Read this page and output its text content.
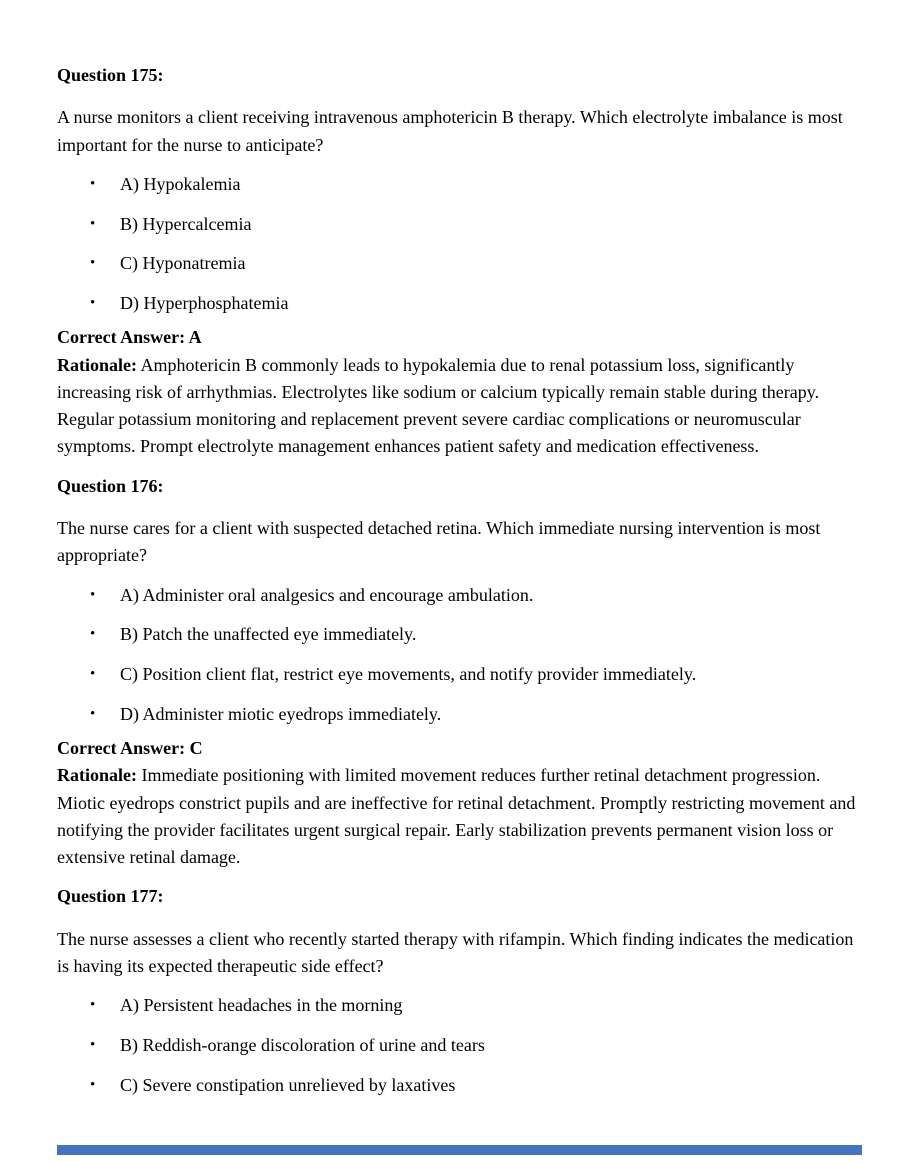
Question 175:

A nurse monitors a client receiving intravenous amphotericin B therapy. Which electrolyte imbalance is most important for the nurse to anticipate?

• A) Hypokalemia
• B) Hypercalcemia
• C) Hyponatremia
• D) Hyperphosphatemia

Correct Answer: A
Rationale: Amphotericin B commonly leads to hypokalemia due to renal potassium loss, significantly increasing risk of arrhythmias. Electrolytes like sodium or calcium typically remain stable during therapy. Regular potassium monitoring and replacement prevent severe cardiac complications or neuromuscular symptoms. Prompt electrolyte management enhances patient safety and medication effectiveness.

Question 176:

The nurse cares for a client with suspected detached retina. Which immediate nursing intervention is most appropriate?

• A) Administer oral analgesics and encourage ambulation.
• B) Patch the unaffected eye immediately.
• C) Position client flat, restrict eye movements, and notify provider immediately.
• D) Administer miotic eyedrops immediately.

Correct Answer: C
Rationale: Immediate positioning with limited movement reduces further retinal detachment progression. Miotic eyedrops constrict pupils and are ineffective for retinal detachment. Promptly restricting movement and notifying the provider facilitates urgent surgical repair. Early stabilization prevents permanent vision loss or extensive retinal damage.

Question 177:

The nurse assesses a client who recently started therapy with rifampin. Which finding indicates the medication is having its expected therapeutic side effect?

• A) Persistent headaches in the morning
• B) Reddish-orange discoloration of urine and tears
• C) Severe constipation unrelieved by laxatives
